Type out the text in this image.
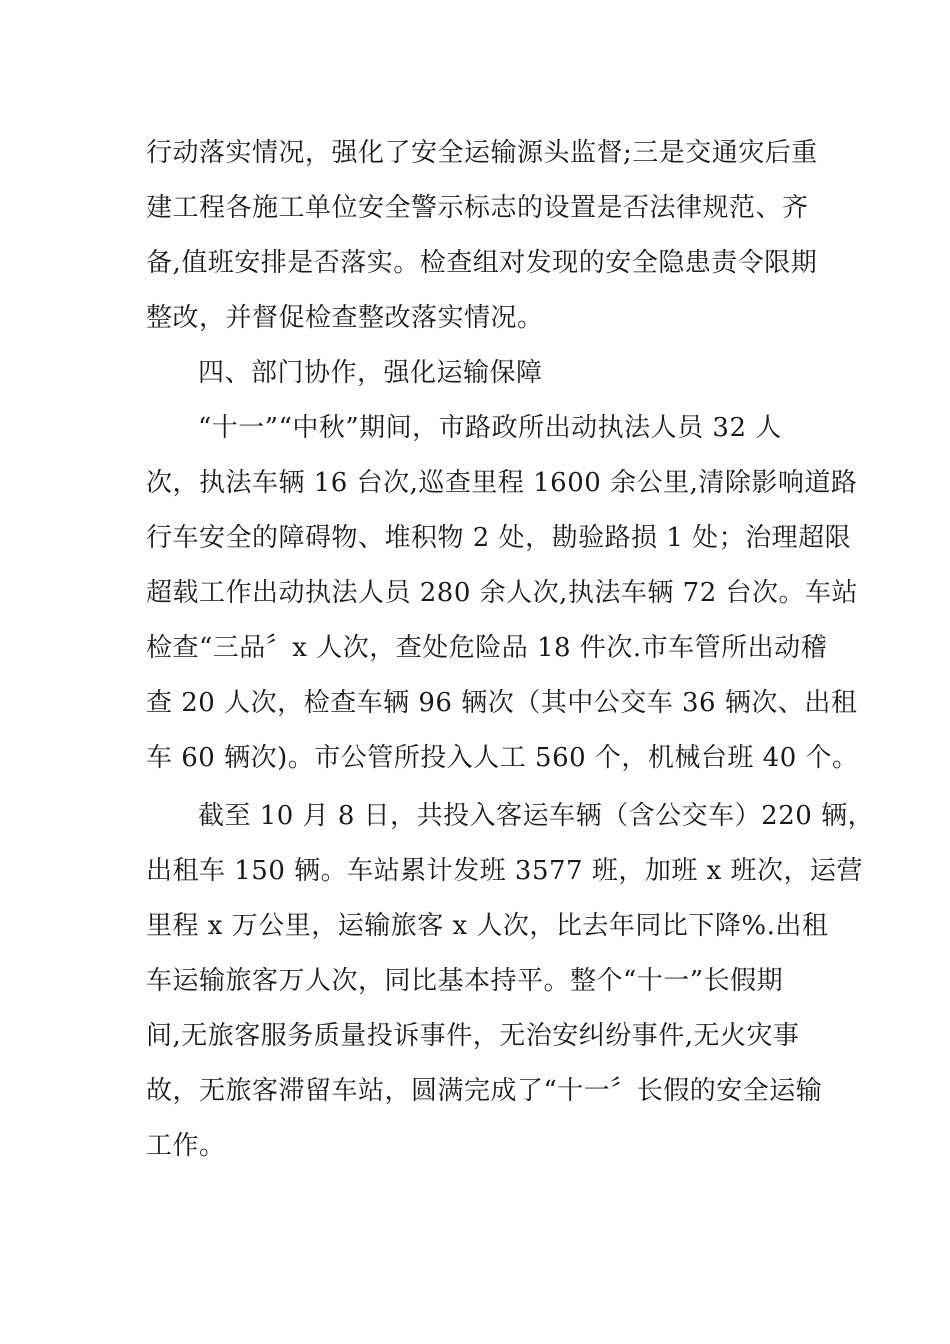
行动落实情况，强化了安全运输源头监督;三是交通灾后重
建工程各施工单位安全警示标志的设置是否法律规范、齐
备,值班安排是否落实。检查组对发现的安全隐患责令限期
整改，并督促检查整改落实情况。
四、部门协作，强化运输保障
“十一”“中秋”期间，市路政所出动执法人员 32 人
次，执法车辆 16 台次,巡查里程 1600 余公里,清除影响道路
行车安全的障碍物、堆积物 2 处，勘验路损 1 处；治理超限
超载工作出动执法人员 280 余人次,执法车辆 72 台次。车站
检查“三品〞x 人次，查处危险品 18 件次.市车管所出动稽
查 20 人次，检查车辆 96 辆次（其中公交车 36 辆次、出租
车 60 辆次)。市公管所投入人工 560 个，机械台班 40 个。
截至 10 月 8 日，共投入客运车辆（含公交车）220 辆，
出租车 150 辆。车站累计发班 3577 班，加班 x 班次，运营
里程 x 万公里，运输旅客 x 人次，比去年同比下降%.出租
车运输旅客万人次，同比基本持平。整个“十一”长假期
间,无旅客服务质量投诉事件，无治安纠纷事件,无火灾事
故，无旅客滞留车站，圆满完成了“十一〞长假的安全运输
工作。
